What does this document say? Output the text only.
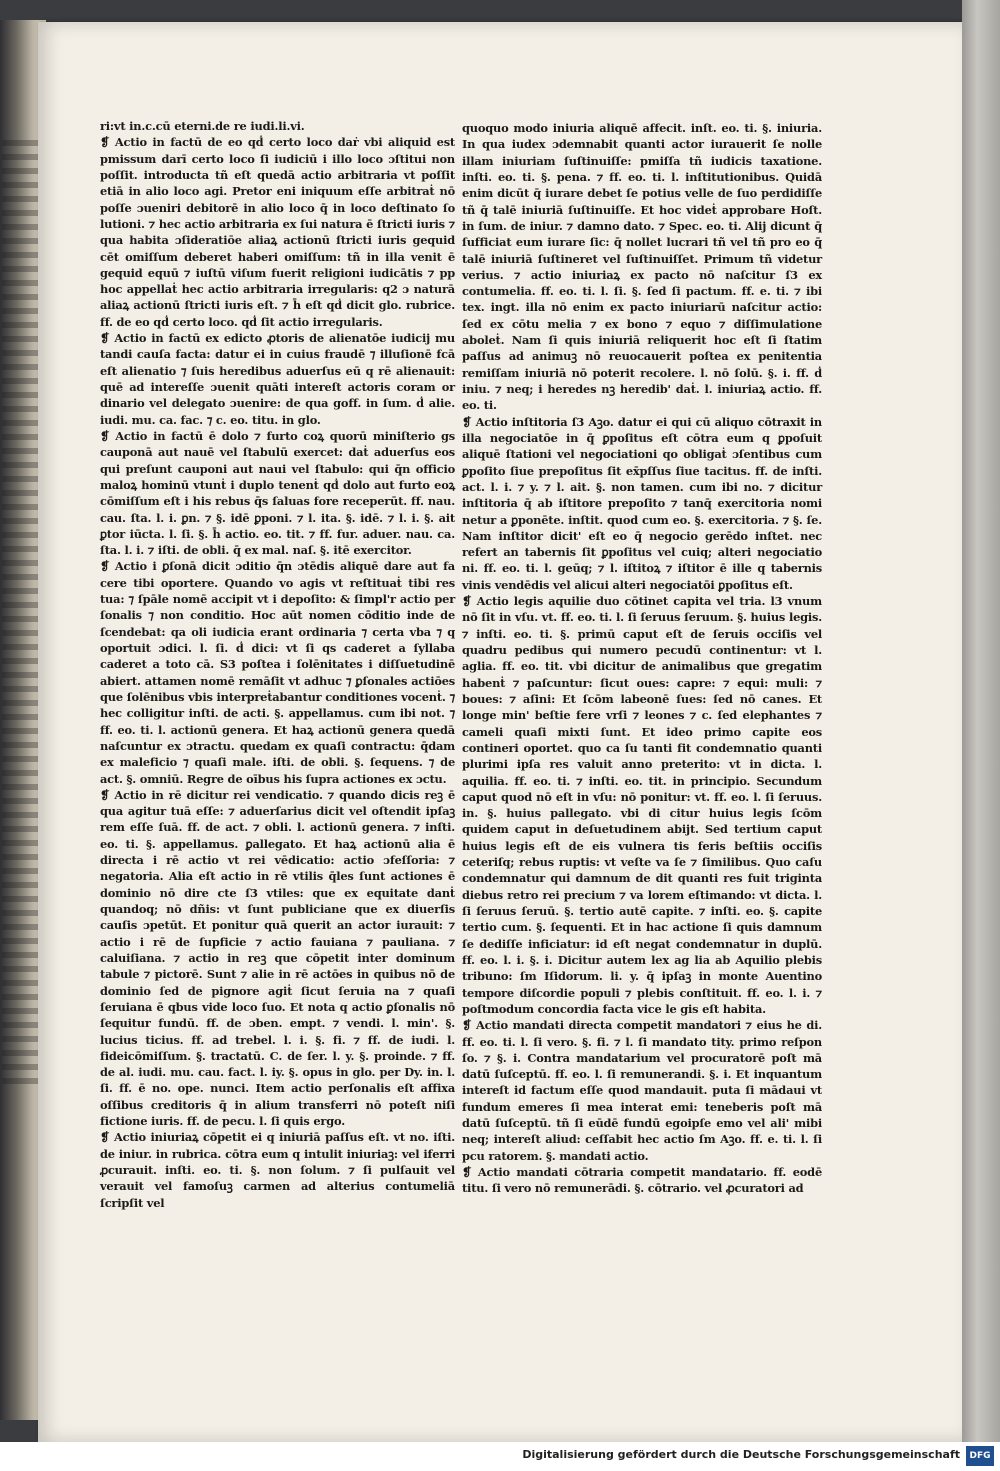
ri:vt in.c.cū eterni.de re iudi.li.vi.

❡ Actio in factū de eo qḋ certo loco daṙ vbi aliquid est pmissum darī certo loco ſi iudiciū i illo loco ɔſtitui non poſſit. introducta tñ eſt quedā actio arbitraria vt poſſit etiā in alio loco agi. Pretor eni iniquum eſſe arbitraṫ nō poſſe ɔueniri debitorē in alio loco q̄ in loco deſtinato ſo lutioni. ⁊ hec actio arbitraria ex ſui natura ē ſtricti iuris ⁊ qua habita ɔſideratiōe aliaꝝ actionū ſtricti iuris gequid cēt omiſſum deberet haberi omiſſum: tñ in illa venit ē gequid equū ⁊ iuſtū viſum fuerit religioni iudicātis ⁊ pp hoc appellaṫ hec actio arbitraria irregularis: q2 ɔ naturā aliaꝝ actionū ſtricti iuris eſt. ⁊ h̄ eſt qḋ dicit glo. rubrice. ff. de eo qḋ certo loco. qḋ ſit actio irregularis.

❡ Actio in factū ex edicto ꝓtoris de alienatōe iudicij mu tandi cauſa facta: datur ei in cuius fraudē ⁊ illuſionē fcā eſt alienatio ⁊ ſuis heredibus aduerſus eū q rē alienauit: quē ad intereſſe ɔuenit quāti intereſt actoris coram or dinario vel delegato ɔuenire: de qua goff. in ſum. ḋ alie. iudi. mu. ca. fac. ⁊ c. eo. titu. in glo.

❡ Actio in factū ē dolo ⁊ furto coꝝ quorū miniſterio gs cauponā aut nauē vel ſtabulū exercet: daṫ aduerſus eos qui preſunt cauponi aut naui vel ſtabulo: qui q̄n officio maloꝝ hominū vtunṫ i duplo tenenṫ qḋ dolo aut furto eoꝝ cōmiſſum eſt i his rebus q̄s ſaluas fore receperūt. ff. nau. cau. ſta. l. i. ꝑn. ⁊ §. idē ꝑponi. ⁊ l. ita. §. idē. ⁊ l. i. §. ait ꝑtor iūcta. l. ſi. §. h̄ actio. eo. tit. ⁊ ff. fur. aduer. nau. ca. ſta. l. i. ⁊ iſti. de obli. q̄ ex mal. naſ. §. itē exercitor.

❡ Actio i ꝑſonā dicit ɔditio q̄n ɔtēdis aliquē dare aut fa cere tibi oportere. Quando vo agis vt reſtituaṫ tibi res tua: ⁊ ſpāle nomē accipit vt i depoſito: & ſimpl'r actio per ſonalis ⁊ non conditio. Hoc aūt nomen cōditio inde de ſcendebat: qa oli iudicia erant ordinaria ⁊ certa vba ⁊ q oportuit ɔdici. l. ſi. ḋ dici: vt ſi qs caderet a ſyllaba caderet a toto cā. S3 poſtea i ſolēnitates i diſſuetudinē abiert. attamen nomē remāſit vt adhuc ⁊ ꝑſonales actiōes que ſolēnibus vbis interpreṫabantur conditiones vocenṫ. ⁊ hec colligitur inſti. de acti. §. appellamus. cum ibi not. ⁊ ff. eo. ti. l. actionū genera. Et haꝝ actionū genera quedā naſcuntur ex ɔtractu. quedam ex quaſi contractu: q̄dam ex maleficio ⁊ quaſi male. iſti. de obli. §. ſequens. ⁊ de act. §. omniū. Regre de oībus his ſupra actiones ex ɔctu.

❡ Actio in rē dicitur rei vendicatio. ⁊ quando dicis reꝫ ē qua agitur tuā eſſe: ⁊ aduerſarius dicit vel oſtendit ipſaꝫ rem eſſe ſuā. ff. de act. ⁊ obli. l. actionū genera. ⁊ inſti. eo. ti. §. appellamus. ꝑallegato. Et haꝝ actionū alia ē directa i rē actio vt rei vēdicatio: actio ɔfeſſoria: ⁊ negatoria. Alia eſt actio in rē vtilis q̄les ſunt actiones ē dominio nō dire cte ſ3 vtiles: que ex equitate danṫ quandoq; nō dñis: vt ſunt publiciane que ex diuerſis cauſis ɔpetūt. Et ponitur quā querit an actor iurauit: ⁊ actio i rē de ſupficie ⁊ actio fauiana ⁊ pauliana. ⁊ caluiſiana. ⁊ actio in reꝫ que cōpetit inter dominum tabule ⁊ pictorē. Sunt ⁊ alie in rē actōes in quibus nō de dominio ſed de pignore agiṫ ſicut ſeruia na ⁊ quaſi ſeruiana ē qbus vide loco ſuo. Et nota q actio ꝑſonalis nō ſequitur fundū. ff. de ɔben. empt. ⁊ vendi. l. min'. §. lucius ticius. ff. ad trebel. l. i. §. fi. ⁊ ff. de iudi. l. fideicōmiſſum. §. tractatū. C. de ſer. l. y. §. proinde. ⁊ ff. de al. iudi. mu. cau. fact. l. iy. §. opus in glo. per Dy. in. l. ſi. ff. ē no. ope. nunci. Item actio perſonalis eſt affixa oſſibus creditoris q̄ in alium transferri nō poteſt niſi fictione iuris. ff. de pecu. l. ſi quis ergo.

❡ Actio iniuriaꝝ cōpetit ei q iniuriā paſſus eſt. vt no. iſti. de iniur. in rubrica. cōtra eum q intulit iniuriaꝫ: vel iferri ꝓcurauit. inſti. eo. ti. §. non ſolum. ⁊ ſi pulſauit vel verauit vel famoſuꝫ carmen ad alterius contumeliā ſcripſit vel

quoquo modo iniuria aliquē affecit. inſt. eo. ti. §. iniuria. In qua iudex ɔdemnabit quanti actor iurauerit ſe nolle illam iniuriam ſuſtinuiſſe: pmiſſa tñ iudicis taxatione. inſti. eo. ti. §. pena. ⁊ ff. eo. ti. l. inſtitutionibus. Quidā enim dicūt q̄ iurare debet ſe potius velle de ſuo perdidiſſe tñ q̄ talē iniuriā ſuſtinuiſſe. Et hoc videṫ approbare Hoſt. in ſum. de iniur. ⁊ damno dato. ⁊ Spec. eo. ti. Alij dicunt q̄ ſufficiat eum iurare ſic: q̄ nollet lucrari tñ vel tñ pro eo q̄ talē iniuriā ſuſtineret vel ſuſtinuiſſet. Primum tñ videtur verius. ⁊ actio iniuriaꝝ ex pacto nō naſcitur ſ3 ex contumelia. ff. eo. ti. l. ſi. §. ſed ſi pactum. ff. e. ti. ⁊ ibi tex. ingt. illa nō enim ex pacto iniuriarū naſcitur actio: ſed ex cōtu melia ⁊ ex bono ⁊ equo ⁊ diſſimulatione aboleṫ. Nam ſi quis iniuriā reliquerit hoc eſt ſi ſtatim paſſus ad animuꝫ nō reuocauerit poſtea ex penitentia remiſſam iniuriā nō poterit recolere. l. nō ſolū. §. i. ff. ḋ iniu. ⁊ neq; i heredes nꝫ heredib' daṫ. l. iniuriaꝝ actio. ff. eo. ti.

❡ Actio inſtitoria ſ3 Aꝫo. datur ei qui cū aliquo cōtraxit in illa negociatōe in q̄ ꝑpoſitus eſt cōtra eum q ꝑpoſuit aliquē ſtationi vel negociationi qo obligaṫ ɔſentibus cum ꝑpoſito ſiue prepoſitus ſit ex̄pſſus ſiue tacitus. ff. de inſti. act. l. i. ⁊ y. ⁊ l. ait. §. non tamen. cum ibi no. ⁊ dicitur inſtitoria q̄ ab iſtitore prepoſito ⁊ tanq̄ exercitoria nomi netur a ꝑponēte. inſtit. quod cum eo. §. exercitoria. ⁊ §. ſe. Nam inſtitor dicit' eſt eo q̄ negocio gerēdo inſtet. nec refert an tabernis ſit ꝑpoſitus vel cuiq; alteri negociatio ni. ff. eo. ti. l. geūq; ⁊ l. iſtitoꝝ ⁊ iſtitor ē ille q tabernis vinis vendēdis vel alicui alteri negociatōi ꝑpoſitus eſt.

❡ Actio legis aquilie duo cōtinet capita vel tria. l3 vnum nō ſit in vſu. vt. ff. eo. ti. l. ſi ſeruus ſeruum. §. huius legis. ⁊ inſti. eo. ti. §. primū caput eſt de ſeruis occiſis vel quadru pedibus qui numero pecudū continentur: vt l. aglia. ff. eo. tit. vbi dicitur de animalibus que gregatim habenṫ ⁊ paſcuntur: ſicut oues: capre: ⁊ equi: muli: ⁊ boues: ⁊ aſini: Et ſcōm labeonē ſues: ſed nō canes. Et longe min' beſtie fere vrſi ⁊ leones ⁊ c. ſed elephantes ⁊ cameli quaſi mixti ſunt. Et ideo primo capite eos contineri oportet. quo ca ſu tanti fit condemnatio quanti plurimi ipſa res valuit anno preterito: vt in dicta. l. aquilia. ff. eo. ti. ⁊ inſti. eo. tit. in principio. Secundum caput quod nō eſt in vſu: nō ponitur: vt. ff. eo. l. ſi ſeruus. in. §. huius pallegato. vbi di citur huius legis ſcōm quidem caput in deſuetudinem abijt. Sed tertium caput huius legis eſt de eis vulnera tis feris beſtiis occiſis ceteriſq; rebus ruptis: vt veſte va ſe ⁊ ſimilibus. Quo caſu condemnatur qui damnum de dit quanti res fuit triginta diebus retro rei precium ⁊ va lorem eſtimando: vt dicta. l. ſi ſeruus ſeruū. §. tertio autē capite. ⁊ inſti. eo. §. capite tertio cum. §. ſequenti. Et in hac actione ſi quis damnum ſe dediſſe inficiatur: id eſt negat condemnatur in duplū. ff. eo. l. i. §. i. Dicitur autem lex ag lia ab Aquilio plebis tribuno: ſm Iſidorum. li. y. q̄ ipſaꝫ in monte Auentino tempore diſcordie populi ⁊ plebis conſtituit. ff. eo. l. i. ⁊ poſtmodum concordia facta vice le gis eſt habita.

❡ Actio mandati directa competit mandatori ⁊ eius he di. ff. eo. ti. l. ſi vero. §. fi. ⁊ l. ſi mandato tity. primo reſpon ſo. ⁊ §. i. Contra mandatarium vel procuratorē poſt mā datū ſuſceptū. ff. eo. l. ſi remunerandi. §. i. Et inquantum intereſt id factum eſſe quod mandauit. puta ſi mādaui vt fundum emeres ſi mea interat emi: teneberis poſt mā datū ſuſceptū. tñ ſi eūdē fundū egoipſe emo vel ali' mibi neq; intereſt aliud: ceſſabit hec actio ſm Aꝫo. ff. e. ti. l. ſi pcu ratorem. §. mandati actio.

❡ Actio mandati cōtraria competit mandatario. ff. eodē titu. ſi vero nō remunerādi. §. cōtrario. vel ꝓcuratori ad

Digitalisierung gefördert durch die Deutsche Forschungsgemeinschaft	DFG
